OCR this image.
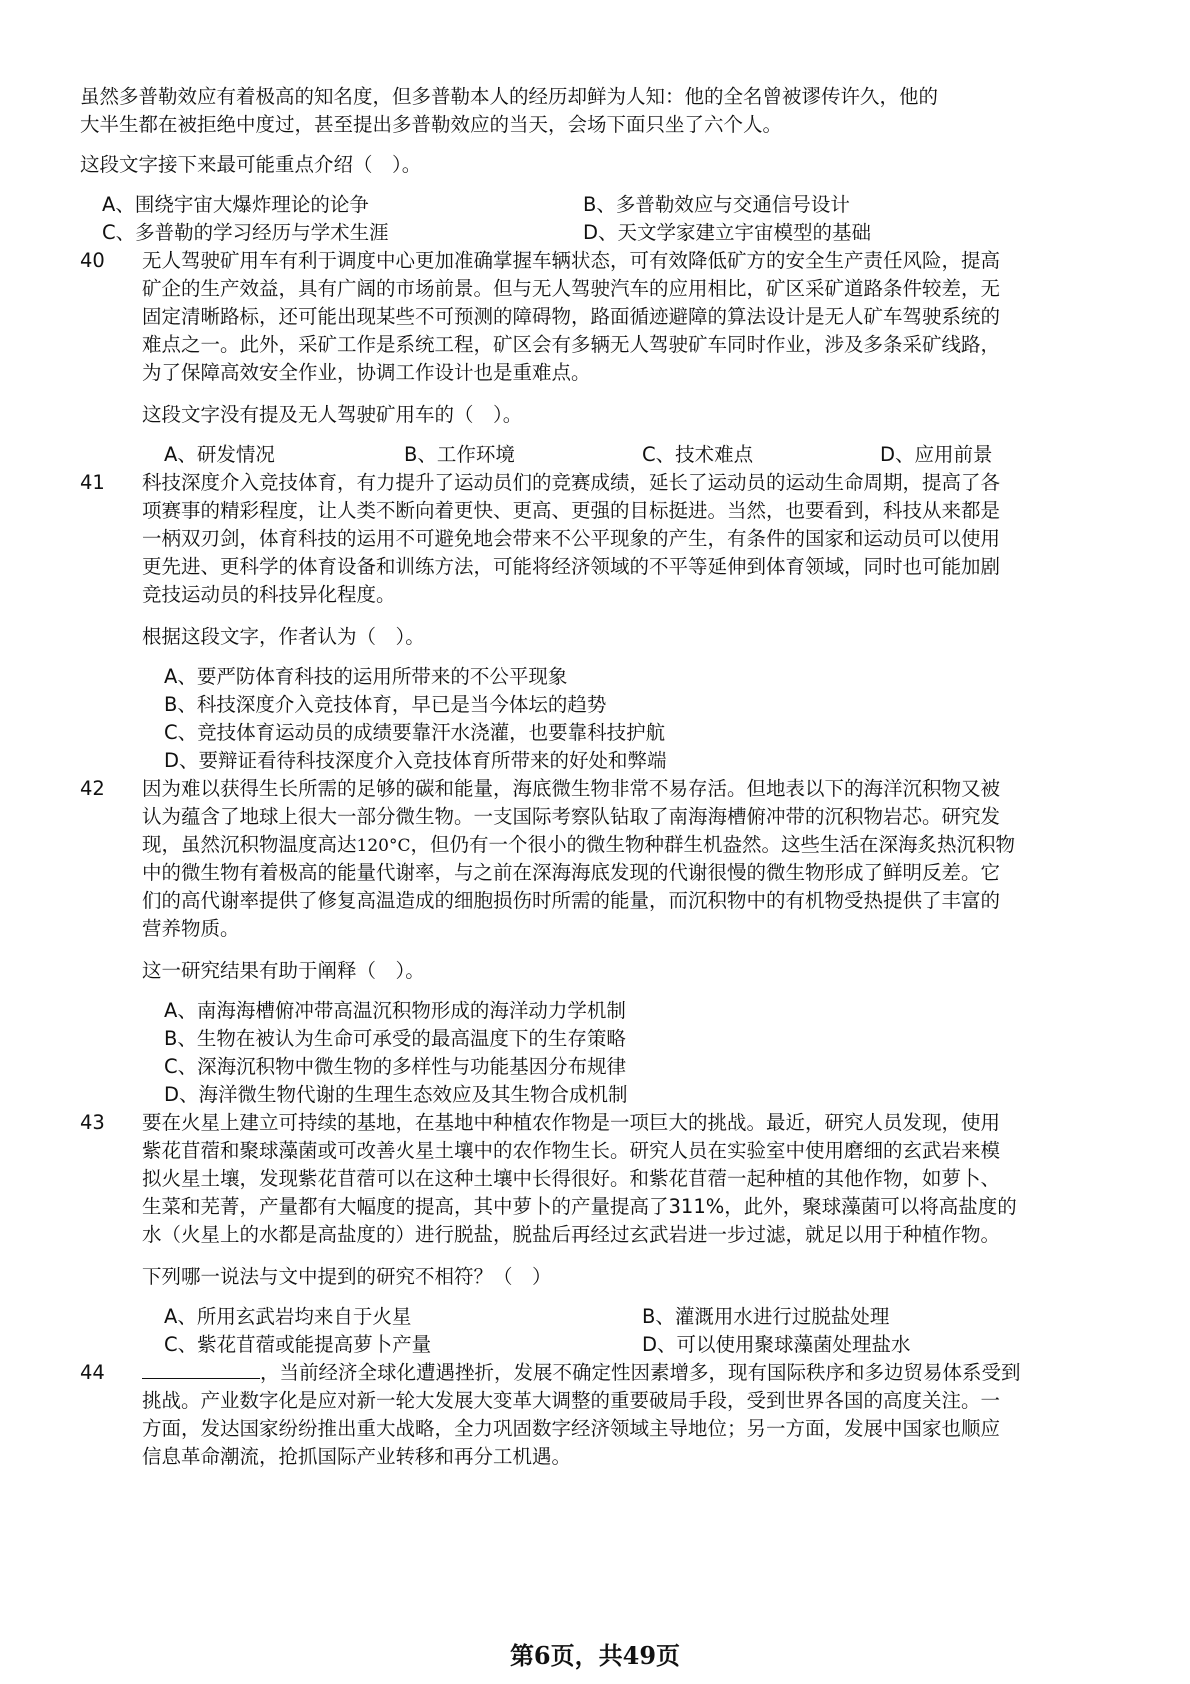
虽然多普勒效应有着极高的知名度，但多普勒本人的经历却鲜为人知：他的全名曾被谬传许久，他的

大半生都在被拒绝中度过，甚至提出多普勒效应的当天，会场下面只坐了六个人。

这段文字接下来最可能重点介绍（　）。

A、围绕宇宙大爆炸理论的论争	B、多普勒效应与交通信号设计

C、多普勒的学习经历与学术生涯	D、天文学家建立宇宙模型的基础

40 无人驾驶矿用车有利于调度中心更加准确掌握车辆状态，可有效降低矿方的安全生产责任风险，提高

矿企的生产效益，具有广阔的市场前景。但与无人驾驶汽车的应用相比，矿区采矿道路条件较差，无

固定清晰路标，还可能出现某些不可预测的障碍物，路面循迹避障的算法设计是无人矿车驾驶系统的

难点之一。此外，采矿工作是系统工程，矿区会有多辆无人驾驶矿车同时作业，涉及多条采矿线路，

为了保障高效安全作业，协调工作设计也是重难点。

这段文字没有提及无人驾驶矿用车的（　）。

A、研发情况	B、工作环境	C、技术难点	D、应用前景

41 科技深度介入竞技体育，有力提升了运动员们的竞赛成绩，延长了运动员的运动生命周期，提高了各

项赛事的精彩程度，让人类不断向着更快、更高、更强的目标挺进。当然，也要看到，科技从来都是

一柄双刃剑，体育科技的运用不可避免地会带来不公平现象的产生，有条件的国家和运动员可以使用

更先进、更科学的体育设备和训练方法，可能将经济领域的不平等延伸到体育领域，同时也可能加剧

竞技运动员的科技异化程度。

根据这段文字，作者认为（　）。

A、要严防体育科技的运用所带来的不公平现象

B、科技深度介入竞技体育，早已是当今体坛的趋势

C、竞技体育运动员的成绩要靠汗水浇灌，也要靠科技护航

D、要辩证看待科技深度介入竞技体育所带来的好处和弊端

42 因为难以获得生长所需的足够的碳和能量，海底微生物非常不易存活。但地表以下的海洋沉积物又被

认为蕴含了地球上很大一部分微生物。一支国际考察队钻取了南海海槽俯冲带的沉积物岩芯。研究发

现，虽然沉积物温度高达120°C，但仍有一个很小的微生物种群生机盎然。这些生活在深海炙热沉积物

中的微生物有着极高的能量代谢率，与之前在深海海底发现的代谢很慢的微生物形成了鲜明反差。它

们的高代谢率提供了修复高温造成的细胞损伤时所需的能量，而沉积物中的有机物受热提供了丰富的

营养物质。

这一研究结果有助于阐释（　）。

A、南海海槽俯冲带高温沉积物形成的海洋动力学机制

B、生物在被认为生命可承受的最高温度下的生存策略

C、深海沉积物中微生物的多样性与功能基因分布规律

D、海洋微生物代谢的生理生态效应及其生物合成机制

43 要在火星上建立可持续的基地，在基地中种植农作物是一项巨大的挑战。最近，研究人员发现，使用

紫花苜蓿和聚球藻菌或可改善火星土壤中的农作物生长。研究人员在实验室中使用磨细的玄武岩来模

拟火星土壤，发现紫花苜蓿可以在这种土壤中长得很好。和紫花苜蓿一起种植的其他作物，如萝卜、

生菜和芜菁，产量都有大幅度的提高，其中萝卜的产量提高了311%，此外，聚球藻菌可以将高盐度的

水（火星上的水都是高盐度的）进行脱盐，脱盐后再经过玄武岩进一步过滤，就足以用于种植作物。

下列哪一说法与文中提到的研究不相符？（　）

A、所用玄武岩均来自于火星	B、灌溉用水进行过脱盐处理

C、紫花苜蓿或能提高萝卜产量	D、可以使用聚球藻菌处理盐水

44	，当前经济全球化遭遇挫折，发展不确定性因素增多，现有国际秩序和多边贸易体系受到

挑战。产业数字化是应对新一轮大发展大变革大调整的重要破局手段，受到世界各国的高度关注。一

方面，发达国家纷纷推出重大战略，全力巩固数字经济领域主导地位；另一方面，发展中国家也顺应

信息革命潮流，抢抓国际产业转移和再分工机遇。

第6页，共49页
